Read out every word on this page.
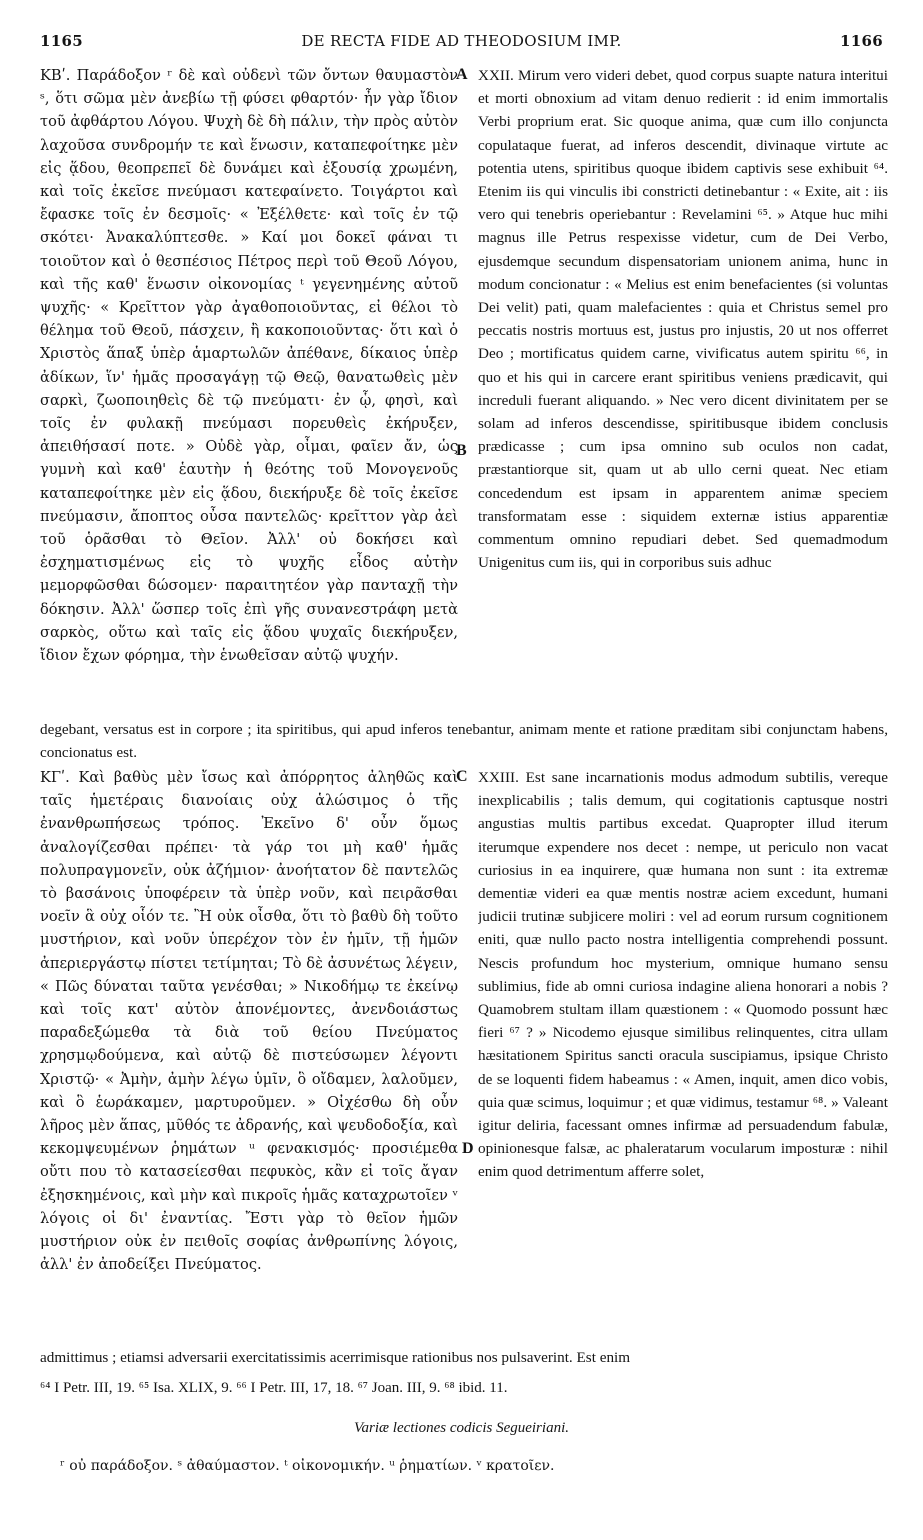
1165	DE RECTA FIDE AD THEODOSIUM IMP.	1166
ΚΒʹ. Παράδοξον ʳ δὲ καὶ οὐδενὶ τῶν ὄντων θαυμαστὸν ˢ, ὅτι σῶμα μὲν ἀνεβίω τῇ φύσει φθαρτόν· ἦν γὰρ ἴδιον τοῦ ἀφθάρτου Λόγου. Ψυχὴ δὲ δὴ πάλιν, τὴν πρὸς αὐτὸν λαχοῦσα συνδρομήν τε καὶ ἕνωσιν, καταπεφοίτηκε μὲν εἰς ᾅδου, θεοπρεπεῖ δὲ δυνάμει καὶ ἐξουσίᾳ χρωμένη, καὶ τοῖς ἐκεῖσε πνεύμασι κατεφαίνετο. Τοιγάρτοι καὶ ἔφασκε τοῖς ἐν δεσμοῖς· « Ἐξέλθετε· καὶ τοῖς ἐν τῷ σκότει· Ἀνακαλύπτεσθε. » Καί μοι δοκεῖ φάναι τι τοιοῦτον καὶ ὁ θεσπέσιος Πέτρος περὶ τοῦ Θεοῦ Λόγου, καὶ τῆς καθ' ἕνωσιν οἰκονομίας ᵗ γεγενημένης αὐτοῦ ψυχῆς· « Κρεῖττον γὰρ ἀγαθοποιοῦντας, εἰ θέλοι τὸ θέλημα τοῦ Θεοῦ, πάσχειν, ἢ κακοποιοῦντας· ὅτι καὶ ὁ Χριστὸς ἅπαξ ὑπὲρ ἁμαρτωλῶν ἀπέθανε, δίκαιος ὑπὲρ ἀδίκων, ἵν' ἡμᾶς προσαγάγῃ τῷ Θεῷ, θανατωθεὶς μὲν σαρκὶ, ζωοποιηθεὶς δὲ τῷ πνεύματι· ἐν ᾧ, φησὶ, καὶ τοῖς ἐν φυλακῇ πνεύμασι πορευθεὶς ἐκήρυξεν, ἀπειθήσασί ποτε. » Οὐδὲ γὰρ, οἶμαι, φαῖεν ἄν, ὡς γυμνὴ καὶ καθ' ἑαυτὴν ἡ θεότης τοῦ Μονογενοῦς καταπεφοίτηκε μὲν εἰς ᾅδου, διεκήρυξε δὲ τοῖς ἐκεῖσε πνεύμασιν, ἄποπτος οὖσα παντελῶς· κρεῖττον γὰρ ἀεὶ τοῦ ὁρᾶσθαι τὸ Θεῖον. Ἀλλ' οὐ δοκήσει καὶ ἐσχηματισμένως εἰς τὸ ψυχῆς εἶδος αὐτὴν μεμορφῶσθαι δώσομεν· παραιτητέον γὰρ πανταχῇ τὴν δόκησιν. Ἀλλ' ὥσπερ τοῖς ἐπὶ γῆς συνανεστράφη μετὰ σαρκὸς, οὕτω καὶ ταῖς εἰς ᾅδου ψυχαῖς διεκήρυξεν, ἴδιον ἔχων φόρημα, τὴν ἑνωθεῖσαν αὐτῷ ψυχήν.
XXII. Mirum vero videri debet, quod corpus suapte natura interitui et morti obnoxium ad vitam denuo redierit : id enim immortalis Verbi proprium erat. Sic quoque anima, quæ cum illo conjuncta copulataque fuerat, ad inferos descendit, divinaque virtute ac potentia utens, spiritibus quoque ibidem captivis sese exhibuit ⁶⁴. Etenim iis qui vinculis ibi constricti detinebantur : « Exite, ait : iis vero qui tenebris operiebantur : Revelamini ⁶⁵. » Atque huc mihi magnus ille Petrus respexisse videtur, cum de Dei Verbo, ejusdemque secundum dispensatoriam unionem anima, hunc in modum concionatur : « Melius est enim benefacientes (si voluntas Dei velit) pati, quam malefacientes : quia et Christus semel pro peccatis nostris mortuus est, justus pro injustis, 20 ut nos offerret Deo ; mortificatus quidem carne, vivificatus autem spiritu ⁶⁶, in quo et his qui in carcere erant spiritibus veniens prædicavit, qui increduli fuerant aliquando. » Nec vero dicent divinitatem per se solam ad inferos descendisse, spiritibusque ibidem conclusis prædicasse ; cum ipsa omnino sub oculos non cadat, præstantiorque sit, quam ut ab ullo cerni queat. Nec etiam concedendum est ipsam in apparentem animæ speciem transformatam esse : siquidem externæ istius apparentiæ commentum omnino repudiari debet. Sed quemadmodum Unigenitus cum iis, qui in corporibus suis adhuc
degebant, versatus est in corpore ; ita spiritibus, qui apud inferos tenebantur, animam mente et ratione præditam sibi conjunctam habens, concionatus est.
ΚΓʹ. Καὶ βαθὺς μὲν ἴσως καὶ ἀπόρρητος ἀληθῶς καὶ ταῖς ἡμετέραις διανοίαις οὐχ ἁλώσιμος ὁ τῆς ἐνανθρωπήσεως τρόπος. Ἐκεῖνο δ' οὖν ὅμως ἀναλογίζεσθαι πρέπει· τὰ γάρ τοι μὴ καθ' ἡμᾶς πολυπραγμονεῖν, οὐκ ἀζήμιον· ἀνοήτατον δὲ παντελῶς τὸ βασάνοις ὑποφέρειν τὰ ὑπὲρ νοῦν, καὶ πειρᾶσθαι νοεῖν ἃ οὐχ οἷόν τε. Ἢ οὐκ οἶσθα, ὅτι τὸ βαθὺ δὴ τοῦτο μυστήριον, καὶ νοῦν ὑπερέχον τὸν ἐν ἡμῖν, τῇ ἡμῶν ἀπεριεργάστῳ πίστει τετίμηται; Τὸ δὲ ἀσυνέτως λέγειν, « Πῶς δύναται ταῦτα γενέσθαι; » Νικοδήμῳ τε ἐκείνῳ καὶ τοῖς κατ' αὐτὸν ἀπονέμοντες, ἀνενδοιάστως παραδεξώμεθα τὰ διὰ τοῦ θείου Πνεύματος χρησμῳδούμενα, καὶ αὐτῷ δὲ πιστεύσωμεν λέγοντι Χριστῷ· « Ἀμὴν, ἀμὴν λέγω ὑμῖν, ὃ οἴδαμεν, λαλοῦμεν, καὶ ὃ ἑωράκαμεν, μαρτυροῦμεν. » Οἰχέσθω δὴ οὖν λῆρος μὲν ἅπας, μῦθός τε ἀδρανής, καὶ ψευδοδοξία, καὶ κεκομψευμένων ῥημάτων ᵘ φενακισμός· προσιέμεθα οὔτι που τὸ κατασείεσθαι πεφυκὸς, κἂν εἰ τοῖς ἄγαν ἐξησκημένοις, καὶ μὴν καὶ πικροῖς ἡμᾶς καταχρωτοῖεν ᵛ λόγοις οἱ δι' ἐναντίας. Ἔστι γὰρ τὸ θεῖον ἡμῶν μυστήριον οὐκ ἐν πειθοῖς σοφίας ἀνθρωπίνης λόγοις, ἀλλ' ἐν ἀποδείξει Πνεύματος.
XXIII. Est sane incarnationis modus admodum subtilis, vereque inexplicabilis ; talis demum, qui cogitationis captusque nostri angustias multis partibus excedat. Quapropter illud iterum iterumque expendere nos decet : nempe, ut periculo non vacat curiosius in ea inquirere, quæ humana non sunt : ita extremæ dementiæ videri ea quæ mentis nostræ aciem excedunt, humani judicii trutinæ subjicere moliri : vel ad eorum rursum cognitionem eniti, quæ nullo pacto nostra intelligentia comprehendi possunt. Nescis profundum hoc mysterium, omnique humano sensu sublimius, fide ab omni curiosa indagine aliena honorari a nobis ? Quamobrem stultam illam quæstionem : « Quomodo possunt hæc fieri ⁶⁷ ? » Nicodemo ejusque similibus relinquentes, citra ullam hæsitationem Spiritus sancti oracula suscipiamus, ipsique Christo de se loquenti fidem habeamus : « Amen, inquit, amen dico vobis, quia quæ scimus, loquimur ; et quæ vidimus, testamur ⁶⁸. » Valeant igitur deliria, facessant omnes infirmæ ad persuadendum fabulæ, opinionesque falsæ, ac phaleratarum vocularum imposturæ : nihil enim quod detrimentum afferre solet,
admittimus ; etiamsi adversarii exercitatissimis acerrimisque rationibus nos pulsaverint. Est enim
A
B
C
D
⁶⁴ I Petr. III, 19. ⁶⁵ Isa. XLIX, 9. ⁶⁶ I Petr. III, 17, 18. ⁶⁷ Joan. III, 9. ⁶⁸ ibid. 11.
Variæ lectiones codicis Segueiriani.
ʳ οὐ παράδοξον. ˢ ἀθαύμαστον. ᵗ οἰκονομικήν. ᵘ ῥηματίων. ᵛ κρατοῖεν.
